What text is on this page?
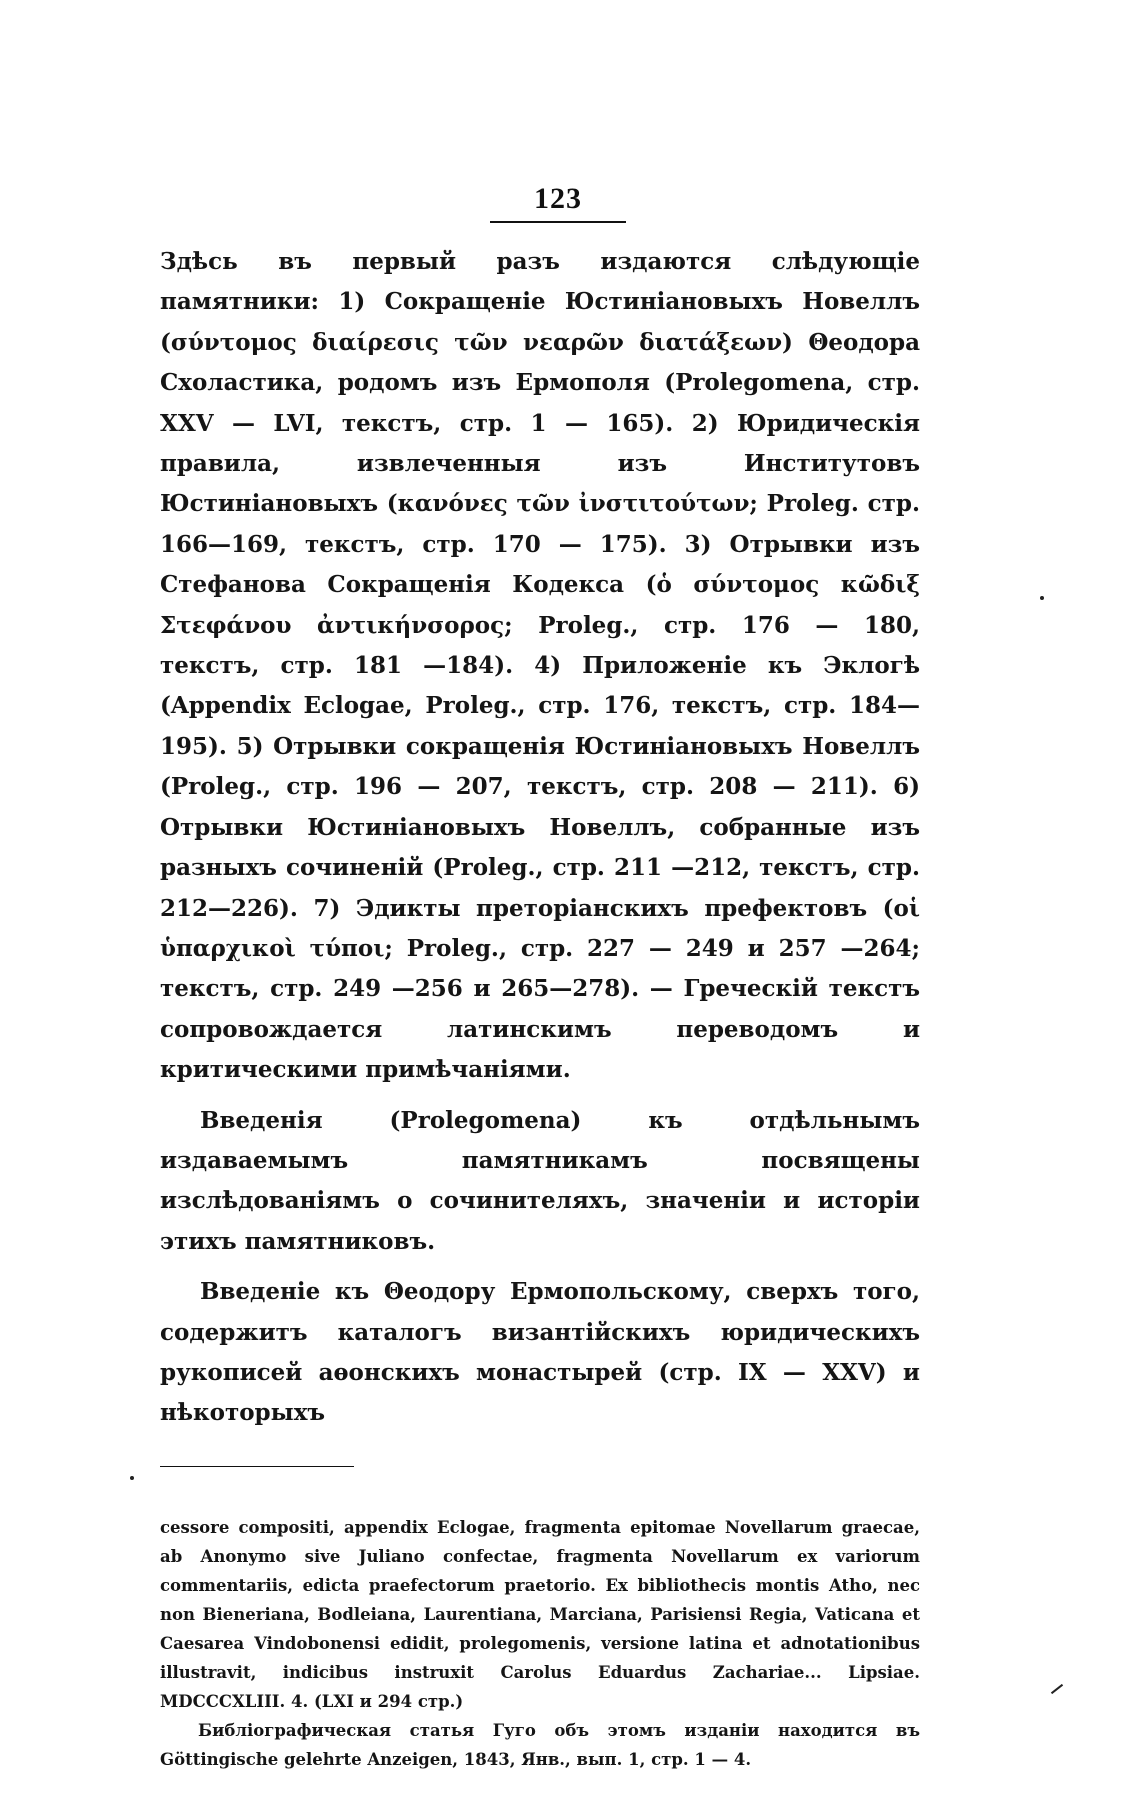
123

Здѣсь въ первый разъ издаются слѣдующіе памятники: 1) Сокращеніе Юстиніановыхъ Новеллъ (σύντομος διαίρεσις τῶν νεαρῶν διατάξεων) Θеодора Схоластика, родомъ изъ Ермополя (Prolegomena, стр. XXV — LVI, текстъ, стр. 1 — 165). 2) Юридическія правила, извлеченныя изъ Институтовъ Юстиніановыхъ (κανόνες τῶν ἰνστιτούτων; Proleg. стр. 166—169, текстъ, стр. 170 — 175). 3) Отрывки изъ Стефанова Сокращенія Кодекса (ὁ σύντομος κῶδιξ Στεφάνου ἀντικήνσορος; Proleg., стр. 176 — 180, текстъ, стр. 181 —184). 4) Приложеніе къ Эклогѣ (Appendix Eclogae, Proleg., стр. 176, текстъ, стр. 184—195). 5) Отрывки сокращенія Юстиніановыхъ Новеллъ (Proleg., стр. 196 — 207, текстъ, стр. 208 — 211). 6) Отрывки Юстиніановыхъ Новеллъ, собранные изъ разныхъ сочиненій (Proleg., стр. 211 —212, текстъ, стр. 212—226). 7) Эдикты преторіанскихъ префектовъ (οἱ ὑπαρχικοὶ τύποι; Proleg., стр. 227 — 249 и 257 —264; текстъ, стр. 249 —256 и 265—278). — Греческій текстъ сопровождается латинскимъ переводомъ и критическими примѣчаніями.

Введенія (Prolegomena) къ отдѣльнымъ издаваемымъ памятникамъ посвящены изслѣдованіямъ о сочинителяхъ, значеніи и исторіи этихъ памятниковъ.

Введеніе къ Θеодору Ермопольскому, сверхъ того, содержитъ каталогъ византійскихъ юридическихъ рукописей аѳонскихъ монастырей (стр. IX — XXV) и нѣкоторыхъ

cessore compositi, appendix Eclogae, fragmenta epitomae Novellarum graecae, ab Anonymo sive Juliano confectae, fragmenta Novellarum ex variorum commentariis, edicta praefectorum praetorio. Ex bibliothecis montis Atho, nec non Bieneriana, Bodleiana, Laurentiana, Marciana, Parisiensi Regia, Vaticana et Caesarea Vindobonensi edidit, prolegomenis, versione latina et adnotationibus illustravit, indicibus instruxit Carolus Eduardus Zachariae... Lipsiae. MDCCCXLIII. 4. (LXI и 294 стр.)

Библіографическая статья Гуго объ этомъ изданіи находится въ Göttingische gelehrte Anzeigen, 1843, Янв., вып. 1, стр. 1 — 4.
